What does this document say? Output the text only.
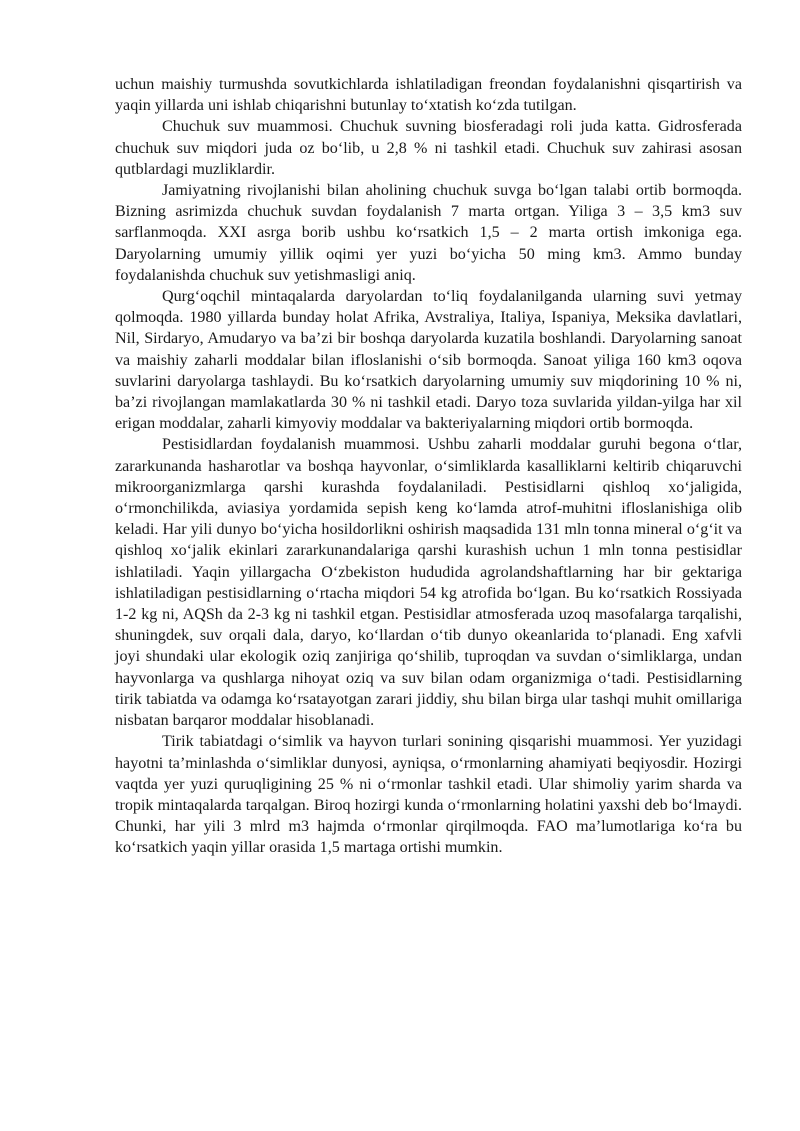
uchun maishiy turmushda sovutkichlarda ishlatiladigan freondan foydalanishni qisqartirish va yaqin yillarda uni ishlab chiqarishni butunlay toʻxtatish koʻzda tutilgan.

Chuchuk suv muammosi. Chuchuk suvning biosferadagi roli juda katta. Gidrosferada chuchuk suv miqdori juda oz boʻlib, u 2,8 % ni tashkil etadi. Chuchuk suv zahirasi asosan qutblardagi muzliklardir.

Jamiyatning rivojlanishi bilan aholining chuchuk suvga boʻlgan talabi ortib bormoqda. Bizning asrimizda chuchuk suvdan foydalanish 7 marta ortgan. Yiliga 3 – 3,5 km3 suv sarflanmoqda. XXI asrga borib ushbu koʻrsatkich 1,5 – 2 marta ortish imkoniga ega. Daryolarning umumiy yillik oqimi yer yuzi boʻyicha 50 ming km3. Ammo bunday foydalanishda chuchuk suv yetishmasligi aniq.

Qurgʻoqchil mintaqalarda daryolardan toʻliq foydalanilganda ularning suvi yetmay qolmoqda. 1980 yillarda bunday holat Afrika, Avstraliya, Italiya, Ispaniya, Meksika davlatlari, Nil, Sirdaryo, Amudaryo va baʼzi bir boshqa daryolarda kuzatila boshlandi. Daryolarning sanoat va maishiy zaharli moddalar bilan ifloslanishi oʻsib bormoqda. Sanoat yiliga 160 km3 oqova suvlarini daryolarga tashlaydi. Bu koʻrsatkich daryolarning umumiy suv miqdorining 10 % ni, baʼzi rivojlangan mamlakatlarda 30 % ni tashkil etadi. Daryo toza suvlarida yildan-yilga har xil erigan moddalar, zaharli kimyoviy moddalar va bakteriyalarning miqdori ortib bormoqda.

Pestisidlardan foydalanish muammosi. Ushbu zaharli moddalar guruhi begona oʻtlar, zararkunanda hasharotlar va boshqa hayvonlar, oʻsimliklarda kasalliklarni keltirib chiqaruvchi mikroorganizmlarga qarshi kurashda foydalaniladi. Pestisidlarni qishloq xoʻjaligida, oʻrmonchilikda, aviasiya yordamida sepish keng koʻlamda atrof-muhitni ifloslanishiga olib keladi. Har yili dunyo boʻyicha hosildorlikni oshirish maqsadida 131 mln tonna mineral oʻgʻit va qishloq xoʻjalik ekinlari zararkunandalariga qarshi kurashish uchun 1 mln tonna pestisidlar ishlatiladi. Yaqin yillargacha Oʻzbekiston hududida agrolandshaftlarning har bir gektariga ishlatiladigan pestisidlarning oʻrtacha miqdori 54 kg atrofida boʻlgan. Bu koʻrsatkich Rossiyada 1-2 kg ni, AQSh da 2-3 kg ni tashkil etgan. Pestisidlar atmosferada uzoq masofalarga tarqalishi, shuningdek, suv orqali dala, daryo, koʻllardan oʻtib dunyo okeanlarida toʻplanadi. Eng xafvli joyi shundaki ular ekologik oziq zanjiriga qoʻshilib, tuproqdan va suvdan oʻsimliklarga, undan hayvonlarga va qushlarga nihoyat oziq va suv bilan odam organizmiga oʻtadi. Pestisidlarning tirik tabiatda va odamga koʻrsatayotgan zarari jiddiy, shu bilan birga ular tashqi muhit omillariga nisbatan barqaror moddalar hisoblanadi.

Tirik tabiatdagi oʻsimlik va hayvon turlari sonining qisqarishi muammosi. Yer yuzidagi hayotni taʼminlashda oʻsimliklar dunyosi, ayniqsa, oʻrmonlarning ahamiyati beqiyosdir. Hozirgi vaqtda yer yuzi quruqligining 25 % ni oʻrmonlar tashkil etadi. Ular shimoliy yarim sharda va tropik mintaqalarda tarqalgan. Biroq hozirgi kunda oʻrmonlarning holatini yaxshi deb boʻlmaydi. Chunki, har yili 3 mlrd m3 hajmda oʻrmonlar qirqilmoqda. FAO maʼlumotlariga koʻra bu koʻrsatkich yaqin yillar orasida 1,5 martaga ortishi mumkin.
